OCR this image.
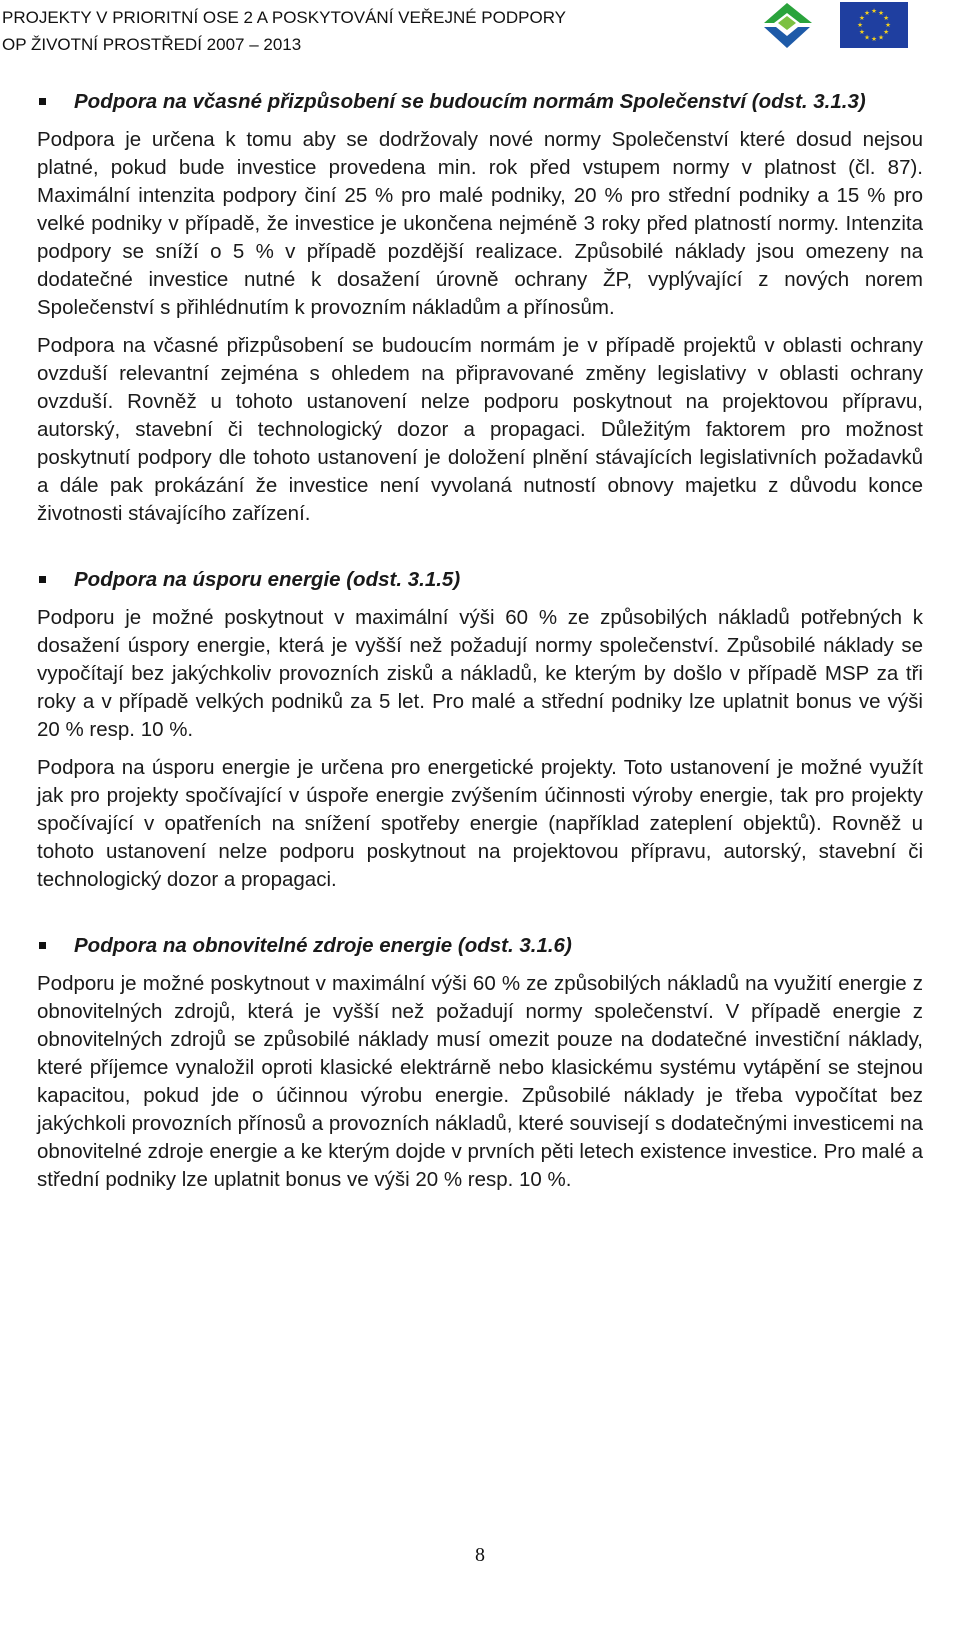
PROJEKTY V PRIORITNÍ OSE 2 A POSKYTOVÁNÍ VEŘEJNÉ PODPORY
OP ŽIVOTNÍ PROSTŘEDÍ 2007 – 2013
★ ★
★
★
★
★
★
★
★
★
★
★
Podpora na včasné přizpůsobení se budoucím normám Společenství (odst. 3.1.3)

Podpora je určena k tomu aby se dodržovaly nové normy Společenství které dosud nejsou platné, pokud bude investice provedena min. rok před vstupem normy v platnost (čl. 87). Maximální intenzita podpory činí 25 % pro malé podniky, 20 % pro střední podniky a 15 % pro velké podniky v případě, že investice je ukončena nejméně 3 roky před platností normy. Intenzita podpory se sníží o 5 % v případě pozdější realizace. Způsobilé náklady jsou omezeny na dodatečné investice nutné k dosažení úrovně ochrany ŽP, vyplývající z nových norem Společenství s přihlédnutím k provozním nákladům a přínosům.

Podpora na včasné přizpůsobení se budoucím normám je v případě projektů v oblasti ochrany ovzduší relevantní zejména s ohledem na připravované změny legislativy v oblasti ochrany ovzduší. Rovněž u tohoto ustanovení nelze podporu poskytnout na projektovou přípravu, autorský, stavební či technologický dozor a propagaci. Důležitým faktorem pro možnost poskytnutí podpory dle tohoto ustanovení je doložení plnění stávajících legislativních požadavků a dále pak prokázání že investice není vyvolaná nutností obnovy majetku z důvodu konce životnosti stávajícího zařízení.

Podpora na úsporu energie (odst. 3.1.5)

Podporu je možné poskytnout v maximální výši 60 % ze způsobilých nákladů potřebných k dosažení úspory energie, která je vyšší než požadují normy společenství. Způsobilé náklady se vypočítají bez jakýchkoliv provozních zisků a nákladů, ke kterým by došlo v případě MSP za tři roky a v případě velkých podniků za 5 let. Pro malé a střední podniky lze uplatnit bonus ve výši 20 % resp. 10 %.

Podpora na úsporu energie je určena pro energetické projekty. Toto ustanovení je možné využít jak pro projekty spočívající v úspoře energie zvýšením účinnosti výroby energie, tak pro projekty spočívající v opatřeních na snížení spotřeby energie (například zateplení objektů). Rovněž u tohoto ustanovení nelze podporu poskytnout na projektovou přípravu, autorský, stavební či technologický dozor a propagaci.

Podpora na obnovitelné zdroje energie (odst. 3.1.6)

Podporu je možné poskytnout v maximální výši 60 % ze způsobilých nákladů na využití energie z obnovitelných zdrojů, která je vyšší než požadují normy společenství. V případě energie z obnovitelných zdrojů se způsobilé náklady musí omezit pouze na dodatečné investiční náklady, které příjemce vynaložil oproti klasické elektrárně nebo klasickému systému vytápění se stejnou kapacitou, pokud jde o účinnou výrobu energie. Způsobilé náklady je třeba vypočítat bez jakýchkoli provozních přínosů a provozních nákladů, které souvisejí s dodatečnými investicemi na obnovitelné zdroje energie a ke kterým dojde v prvních pěti letech existence investice. Pro malé a střední podniky lze uplatnit bonus ve výši 20 % resp. 10 %.

8
